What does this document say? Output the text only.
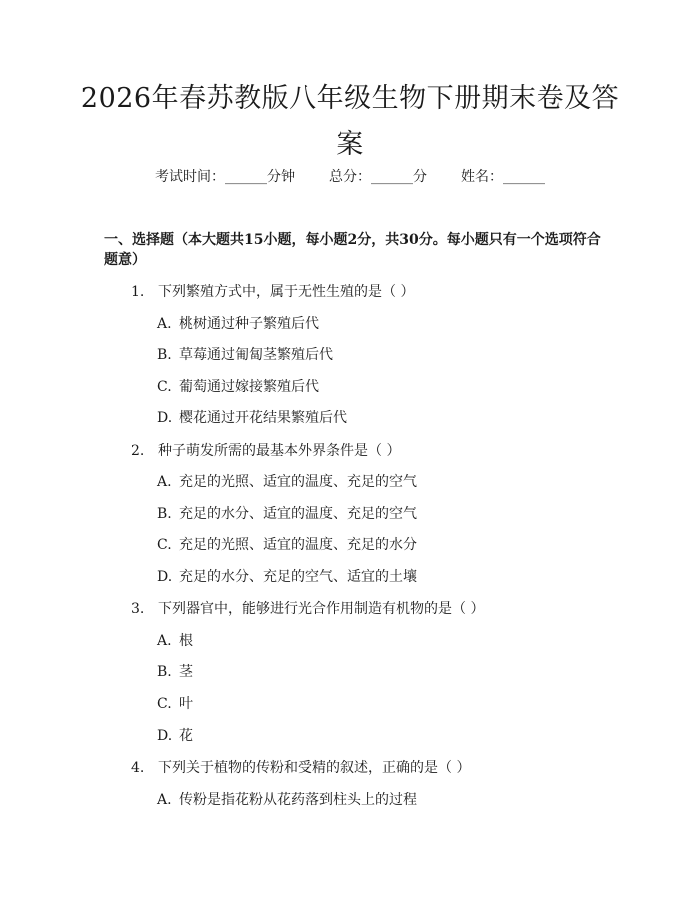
2026年春苏教版八年级生物下册期末卷及答案
考试时间：______分钟 总分：______分 姓名：______

一、选择题（本大题共15小题，每小题2分，共30分。每小题只有一个选项符合题意）

1. 下列繁殖方式中，属于无性生殖的是（ ）
A. 桃树通过种子繁殖后代
B. 草莓通过匍匐茎繁殖后代
C. 葡萄通过嫁接繁殖后代
D. 樱花通过开花结果繁殖后代
2. 种子萌发所需的最基本外界条件是（ ）
A. 充足的光照、适宜的温度、充足的空气
B. 充足的水分、适宜的温度、充足的空气
C. 充足的光照、适宜的温度、充足的水分
D. 充足的水分、充足的空气、适宜的土壤
3. 下列器官中，能够进行光合作用制造有机物的是（ ）
A. 根
B. 茎
C. 叶
D. 花
4. 下列关于植物的传粉和受精的叙述，正确的是（ ）
A. 传粉是指花粉从花药落到柱头上的过程
